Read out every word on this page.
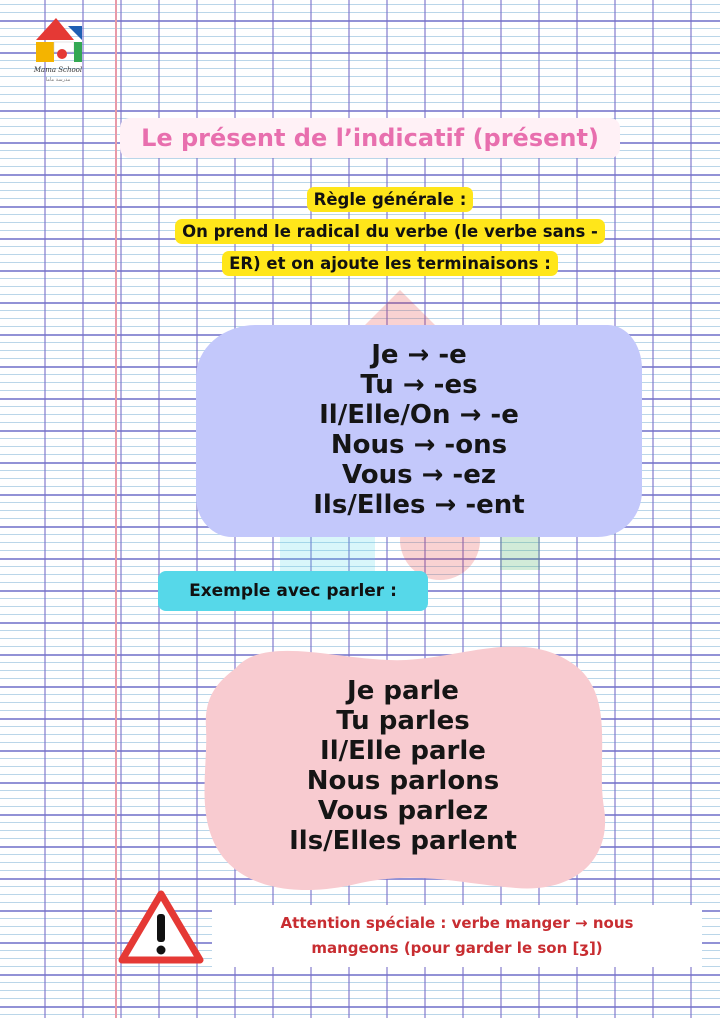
Mama School
مدرسة ماما
Le présent de l’indicatif (présent)
Règle générale :
On prend le radical du verbe (le verbe sans -
ER) et on ajoute les terminaisons :
Je → -e
Tu → -es
Il/Elle/On → -e
Nous → -ons
Vous → -ez
Ils/Elles → -ent
Exemple avec parler :
Je parle
Tu parles
Il/Elle parle
Nous parlons
Vous parlez
Ils/Elles parlent
Attention spéciale : verbe manger → nous
mangeons (pour garder le son [ʒ])
